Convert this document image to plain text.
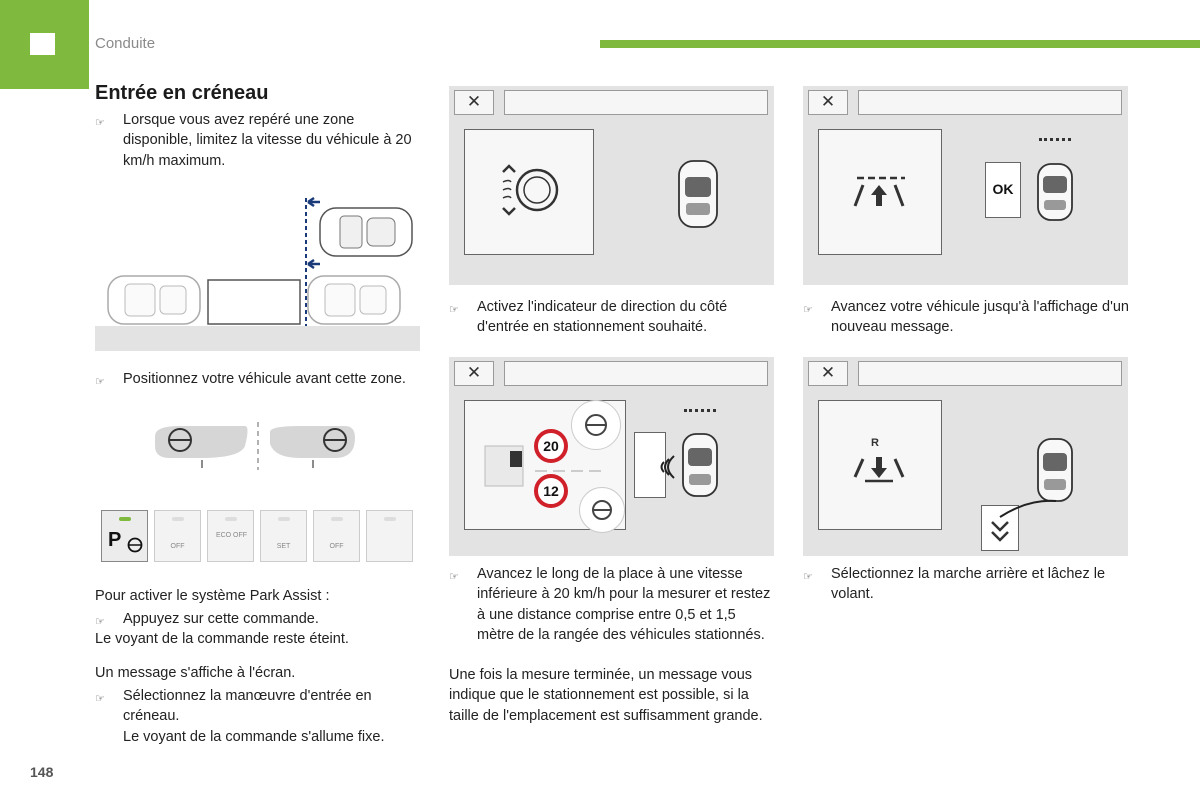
Conduite
Entrée en créneau
☞ Lorsque vous avez repéré une zone disponible, limitez la vitesse du véhicule à 20 km/h maximum.
☞ Positionnez votre véhicule avant cette zone.
P	OFF
ECO OFF
SET	OFF
Pour activer le système Park Assist :
☞ Appuyez sur cette commande.
Le voyant de la commande reste éteint.
Un message s'affiche à l'écran.
☞ Sélectionnez la manœuvre d'entrée en créneau.
Le voyant de la commande s'allume fixe.
✕
☞ Activez l'indicateur de direction du côté d'entrée en stationnement souhaité.
✕
20
12
☞ Avancez le long de la place à une vitesse inférieure à 20 km/h pour la mesurer et restez à une distance comprise entre 0,5 et 1,5 mètre de la rangée des véhicules stationnés.
Une fois la mesure terminée, un message vous indique que le stationnement est possible, si la taille de l'emplacement est suffisamment grande.
✕
OK
☞ Avancez votre véhicule jusqu'à l'affichage d'un nouveau message.
✕
R
☞ Sélectionnez la marche arrière et lâchez le volant.
148
